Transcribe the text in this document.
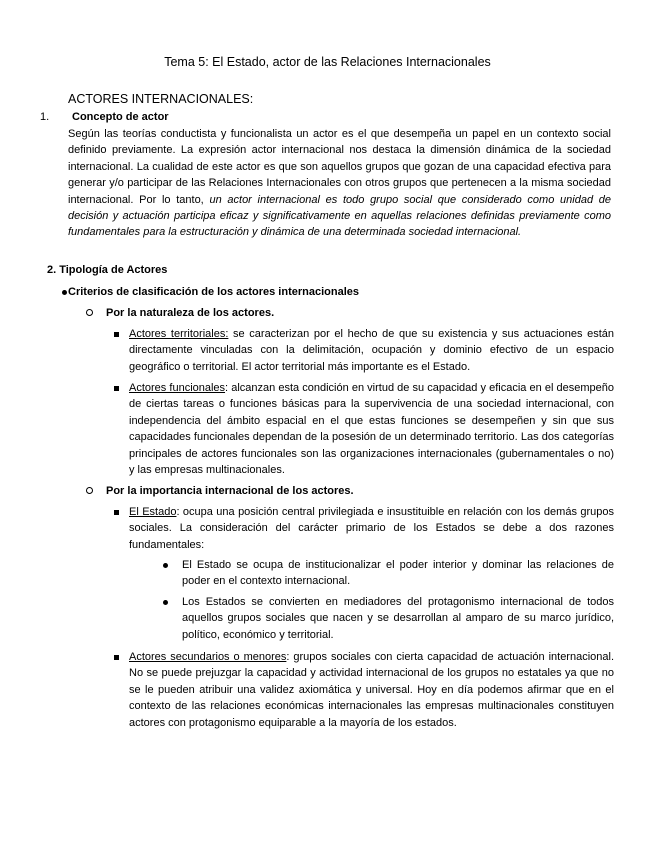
Tema 5: El Estado, actor de las Relaciones Internacionales
ACTORES INTERNACIONALES:
1. Concepto de actor
Según las teorías conductista y funcionalista un actor es el que desempeña un papel en un contexto social definido previamente. La expresión actor internacional nos destaca la dimensión dinámica de la sociedad internacional. La cualidad de este actor es que son aquellos grupos que gozan de una capacidad efectiva para generar y/o participar de las Relaciones Internacionales con otros grupos que pertenecen a la misma sociedad internacional. Por lo tanto, un actor internacional es todo grupo social que considerado como unidad de decisión y actuación participa eficaz y significativamente en aquellas relaciones definidas previamente como fundamentales para la estructuración y dinámica de una determinada sociedad internacional.
2. Tipología de Actores
Criterios de clasificación de los actores internacionales
Por la naturaleza de los actores.
Actores territoriales: se caracterizan por el hecho de que su existencia y sus actuaciones están directamente vinculadas con la delimitación, ocupación y dominio efectivo de un espacio geográfico o territorial. El actor territorial más importante es el Estado.
Actores funcionales: alcanzan esta condición en virtud de su capacidad y eficacia en el desempeño de ciertas tareas o funciones básicas para la supervivencia de una sociedad internacional, con independencia del ámbito espacial en el que estas funciones se desempeñen y sin que sus capacidades funcionales dependan de la posesión de un determinado territorio. Las dos categorías principales de actores funcionales son las organizaciones internacionales (gubernamentales o no) y las empresas multinacionales.
Por la importancia internacional de los actores.
El Estado: ocupa una posición central privilegiada e insustituible en relación con los demás grupos sociales. La consideración del carácter primario de los Estados se debe a dos razones fundamentales:
El Estado se ocupa de institucionalizar el poder interior y dominar las relaciones de poder en el contexto internacional.
Los Estados se convierten en mediadores del protagonismo internacional de todos aquellos grupos sociales que nacen y se desarrollan al amparo de su marco jurídico, político, económico y territorial.
Actores secundarios o menores: grupos sociales con cierta capacidad de actuación internacional. No se puede prejuzgar la capacidad y actividad internacional de los grupos no estatales ya que no se le pueden atribuir una validez axiomática y universal. Hoy en día podemos afirmar que en el contexto de las relaciones económicas internacionales las empresas multinacionales constituyen actores con protagonismo equiparable a la mayoría de los estados.
